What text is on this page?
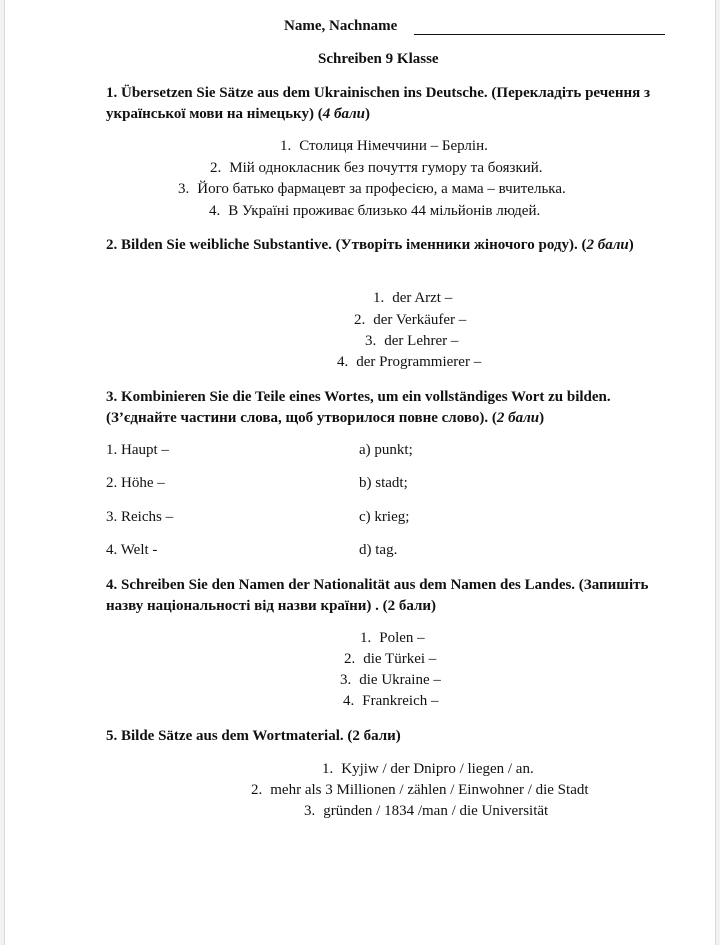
Name, Nachname
Schreiben 9 Klasse
1. Übersetzen Sie Sätze aus dem Ukrainischen ins Deutsche. (Перекладіть речення з української мови на німецьку) (4 бали)
1. Столиця Німеччини – Берлін.
2. Мій однокласник без почуття гумору та боязкий.
3. Його батько фармацевт за професією, а мама – вчителька.
4. В Україні проживає близько 44 мільйонів людей.
2. Bilden Sie weibliche Substantive. (Утворіть іменники жіночого роду). (2 бали)
1. der Arzt –
2. der Verkäufer –
3. der Lehrer –
4. der Programmierer –
3. Kombinieren Sie die Teile eines Wortes, um ein vollständiges Wort zu bilden. (З’єднайте частини слова, щоб утворилося повне слово). (2 бали)
1. Haupt –
2. Höhe –
3. Reichs –
4. Welt -
a) punkt;
b) stadt;
c) krieg;
d) tag.
4. Schreiben Sie den Namen der Nationalität aus dem Namen des Landes. (Запишіть назву національності від назви країни) . (2 бали)
1. Polen –
2. die Türkei –
3. die Ukraine –
4. Frankreich –
5. Bilde Sätze aus dem Wortmaterial. (2 бали)
1. Kyjiw / der Dnipro / liegen / an.
2. mehr als 3 Millionen / zählen / Einwohner / die Stadt
3. gründen / 1834 /man / die Universität
